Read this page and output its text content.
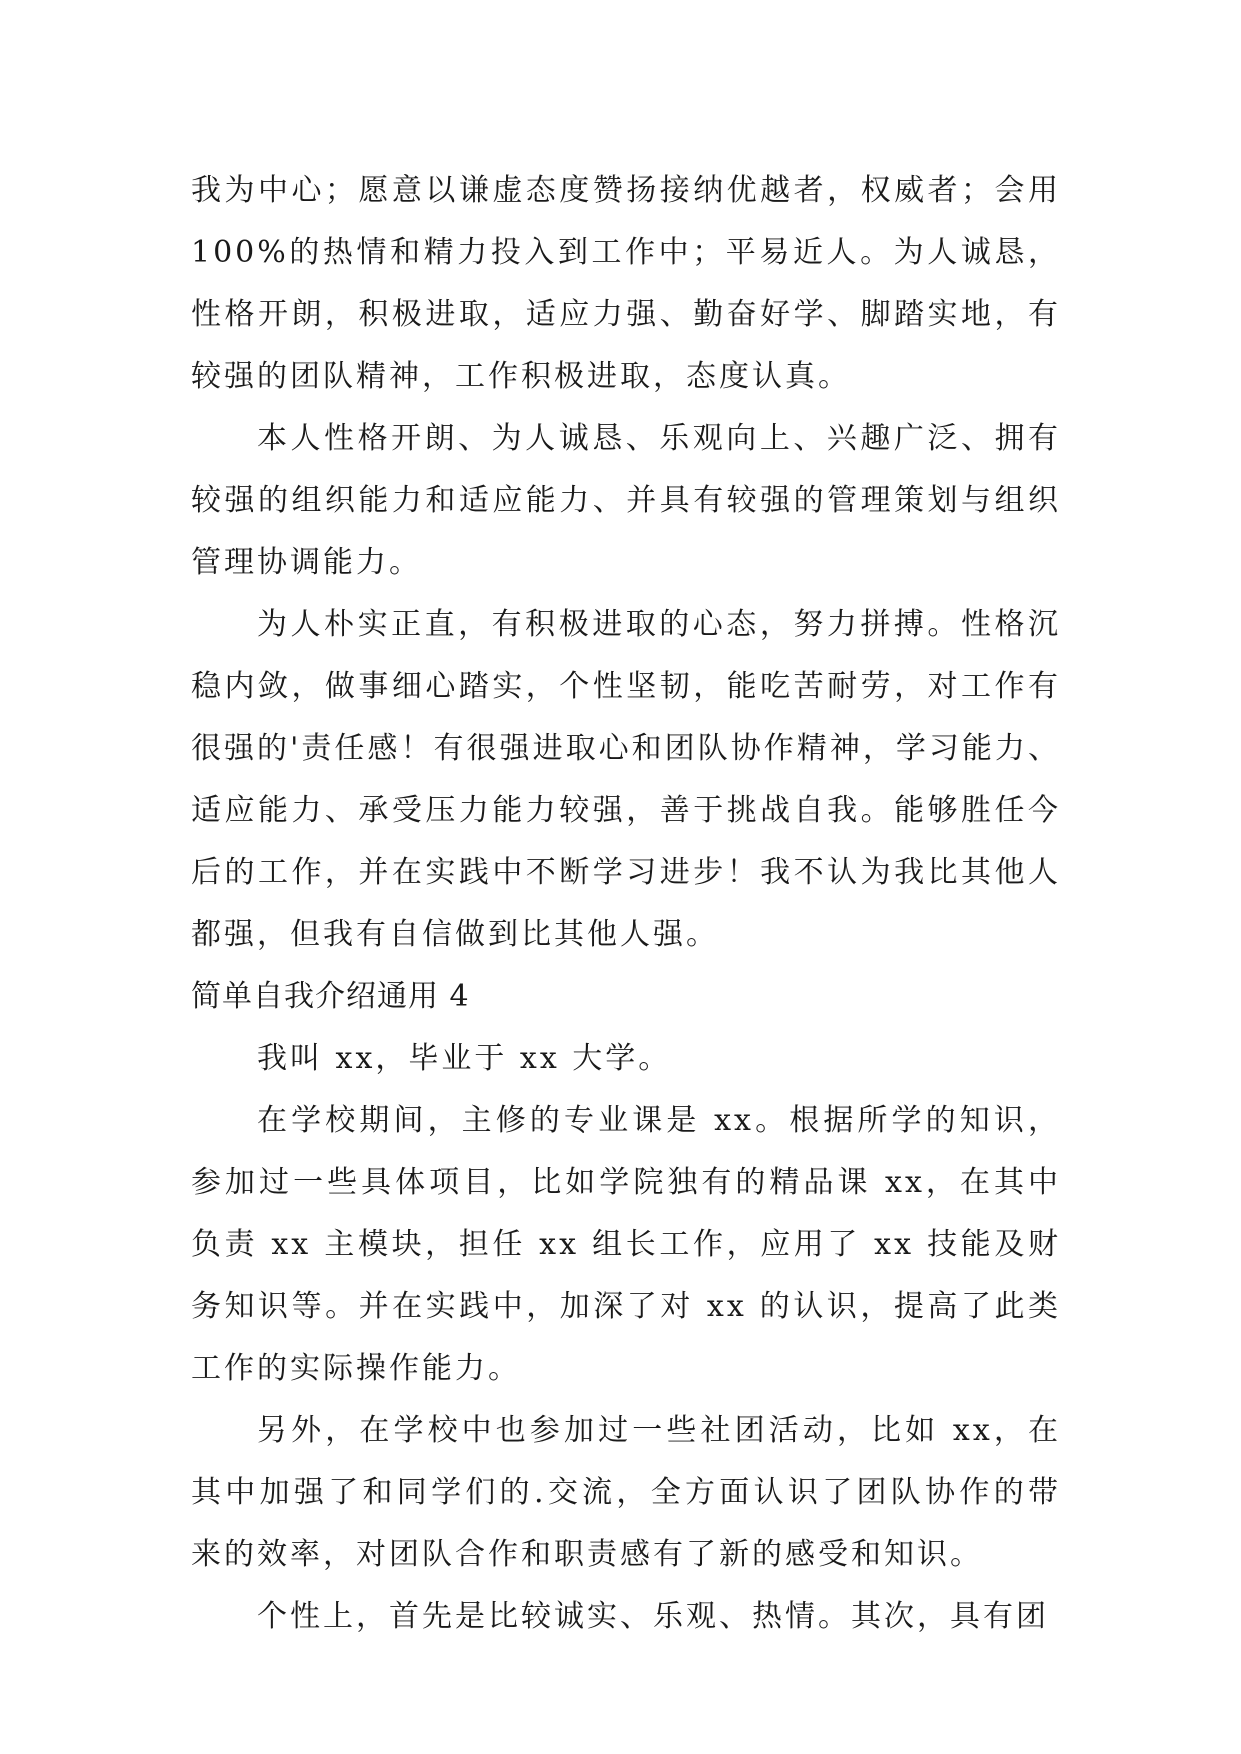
我为中心；愿意以谦虚态度赞扬接纳优越者，权威者；会用100%的热情和精力投入到工作中；平易近人。为人诚恳，性格开朗，积极进取，适应力强、勤奋好学、脚踏实地，有较强的团队精神，工作积极进取，态度认真。

本人性格开朗、为人诚恳、乐观向上、兴趣广泛、拥有较强的组织能力和适应能力、并具有较强的管理策划与组织管理协调能力。

为人朴实正直，有积极进取的心态，努力拼搏。性格沉稳内敛，做事细心踏实，个性坚韧，能吃苦耐劳，对工作有很强的'责任感！有很强进取心和团队协作精神，学习能力、适应能力、承受压力能力较强，善于挑战自我。能够胜任今后的工作，并在实践中不断学习进步！我不认为我比其他人都强，但我有自信做到比其他人强。

简单自我介绍通用 4

我叫 xx，毕业于 xx 大学。

在学校期间，主修的专业课是 xx。根据所学的知识，参加过一些具体项目，比如学院独有的精品课 xx，在其中负责 xx 主模块，担任 xx 组长工作，应用了 xx 技能及财务知识等。并在实践中，加深了对 xx 的认识，提高了此类工作的实际操作能力。

另外，在学校中也参加过一些社团活动，比如 xx，在其中加强了和同学们的.交流，全方面认识了团队协作的带来的效率，对团队合作和职责感有了新的感受和知识。

个性上，首先是比较诚实、乐观、热情。其次，具有团
